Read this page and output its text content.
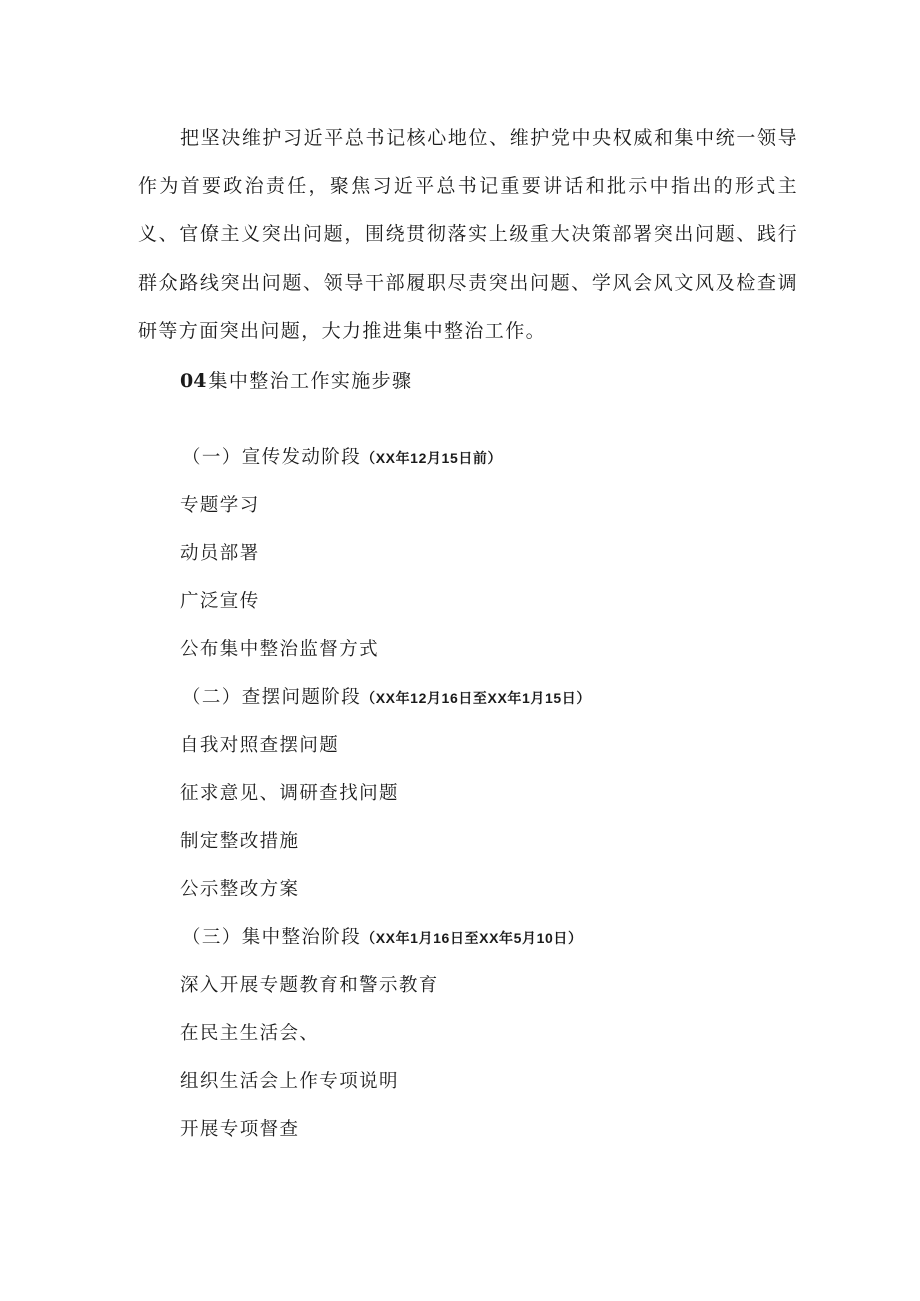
把坚决维护习近平总书记核心地位、维护党中央权威和集中统一领导作为首要政治责任，聚焦习近平总书记重要讲话和批示中指出的形式主义、官僚主义突出问题，围绕贯彻落实上级重大决策部署突出问题、践行群众路线突出问题、领导干部履职尽责突出问题、学风会风文风及检查调研等方面突出问题，大力推进集中整治工作。

04 集中整治工作实施步骤

（一）宣传发动阶段（XX年12月15日前）

专题学习

动员部署

广泛宣传

公布集中整治监督方式

（二）查摆问题阶段（XX年12月16日至XX年1月15日）

自我对照查摆问题

征求意见、调研查找问题

制定整改措施

公示整改方案

（三）集中整治阶段（XX年1月16日至XX年5月10日）

深入开展专题教育和警示教育

在民主生活会、

组织生活会上作专项说明

开展专项督查
